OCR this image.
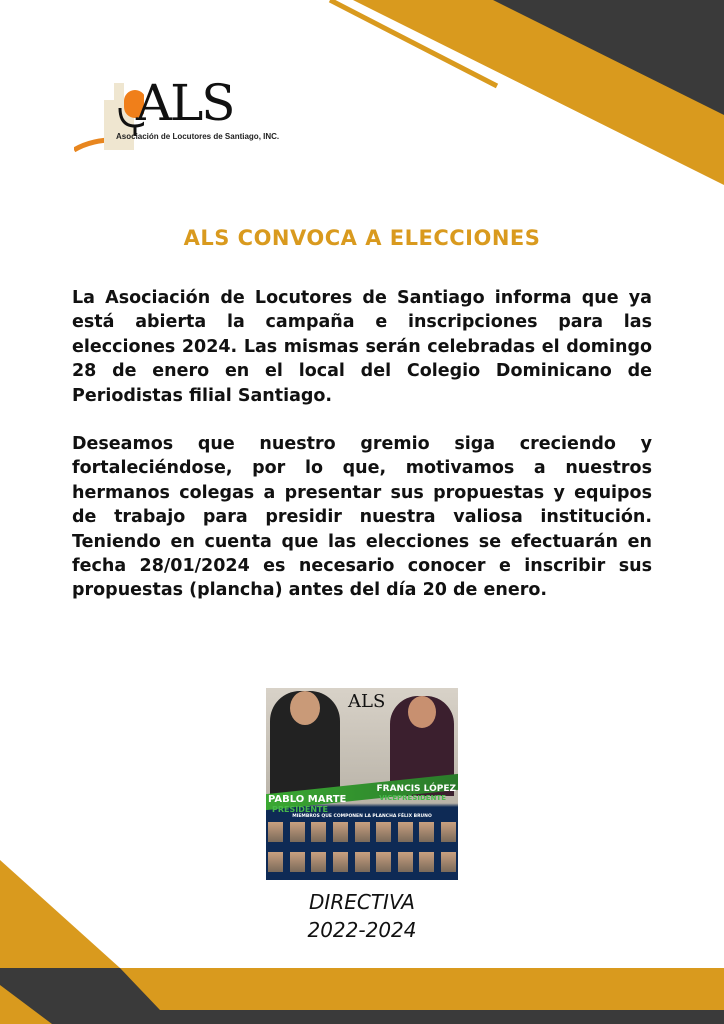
ALS
Asociación de Locutores de Santiago, INC.
ALS CONVOCA A ELECCIONES

La Asociación de Locutores de Santiago informa que ya está abierta la campaña e inscripciones para las elecciones 2024. Las mismas serán celebradas el domingo 28 de enero en el local del Colegio Dominicano de Periodistas filial Santiago.

Deseamos que nuestro gremio siga creciendo y fortaleciéndose, por lo que, motivamos a nuestros hermanos colegas a presentar sus propuestas y equipos de trabajo para presidir nuestra valiosa institución. Teniendo en cuenta que las elecciones se efectuarán en fecha 28/01/2024 es necesario conocer e inscribir sus propuestas (plancha) antes del día 20 de enero.

ALS
PABLO MARTE
PRESIDENTE
FRANCIS LÓPEZ
VICEPRESIDENTE
MIEMBROS QUE COMPONEN LA PLANCHA FÉLIX BRUNO
DIRECTIVA
2022-2024
